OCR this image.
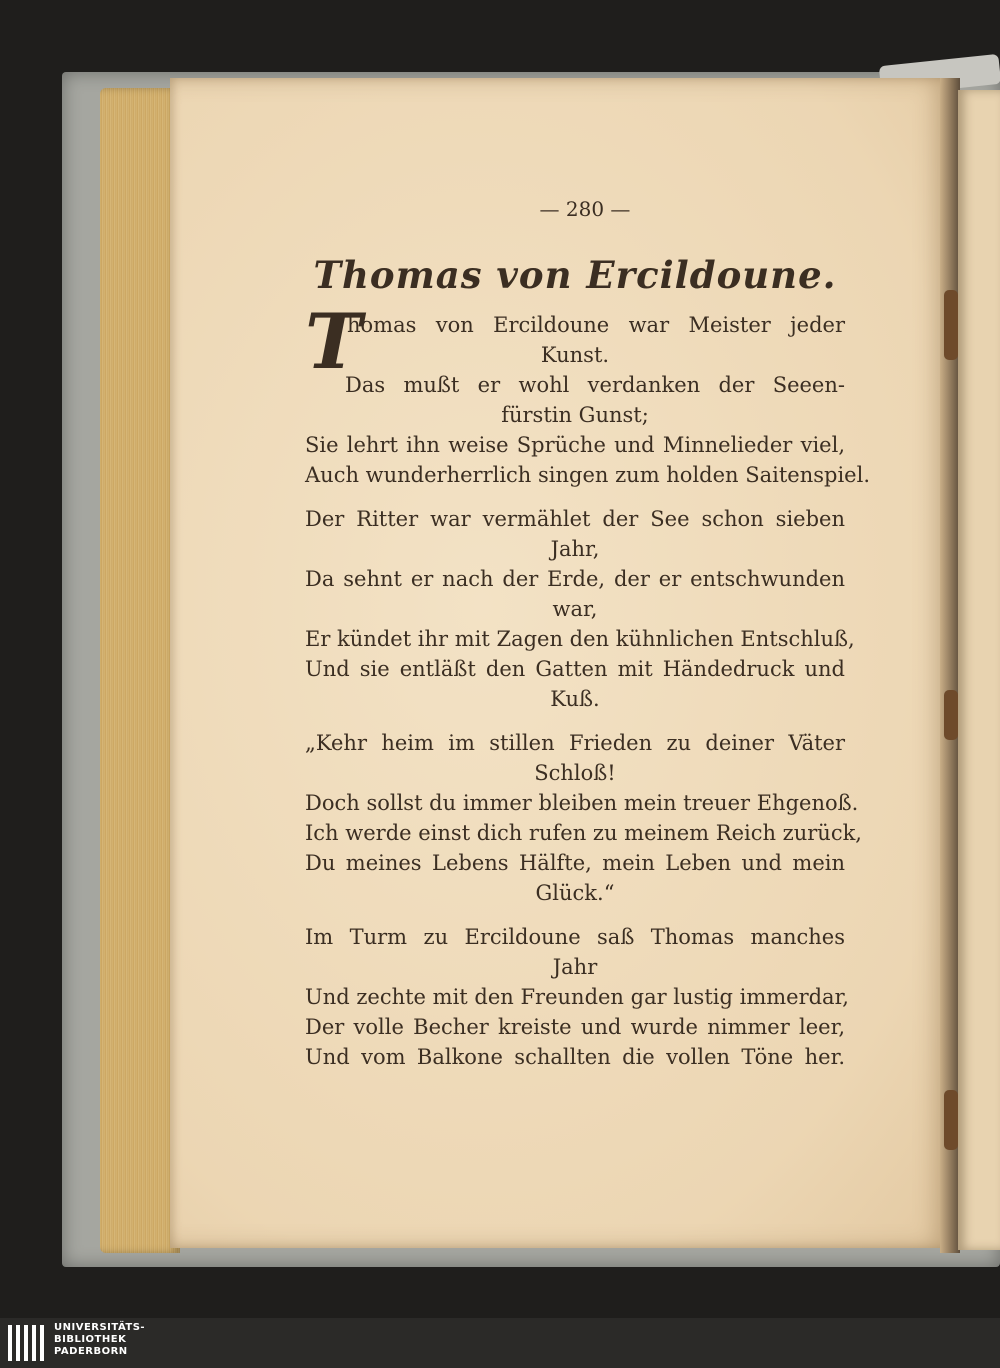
— 280 —
Thomas von Ercildoune.
homas von Ercildoune war Meister jeder
Kunst.
Das mußt er wohl verdanken der Seeen-
fürstin Gunst;
Sie lehrt ihn weise Sprüche und Minnelieder viel,
Auch wunderherrlich singen zum holden Saitenspiel.
Der Ritter war vermählet der See schon sieben
Jahr,
Da sehnt er nach der Erde, der er entschwunden
war,
Er kündet ihr mit Zagen den kühnlichen Entschluß,
Und sie entläßt den Gatten mit Händedruck und
Kuß.
„Kehr heim im stillen Frieden zu deiner Väter
Schloß!
Doch sollst du immer bleiben mein treuer Ehgenoß.
Ich werde einst dich rufen zu meinem Reich zurück,
Du meines Lebens Hälfte, mein Leben und mein
Glück.“
Im Turm zu Ercildoune saß Thomas manches
Jahr
Und zechte mit den Freunden gar lustig immerdar,
Der volle Becher kreiste und wurde nimmer leer,
Und vom Balkone schallten die vollen Töne her.
T
UNIVERSITÄTS-
BIBLIOTHEK
PADERBORN
